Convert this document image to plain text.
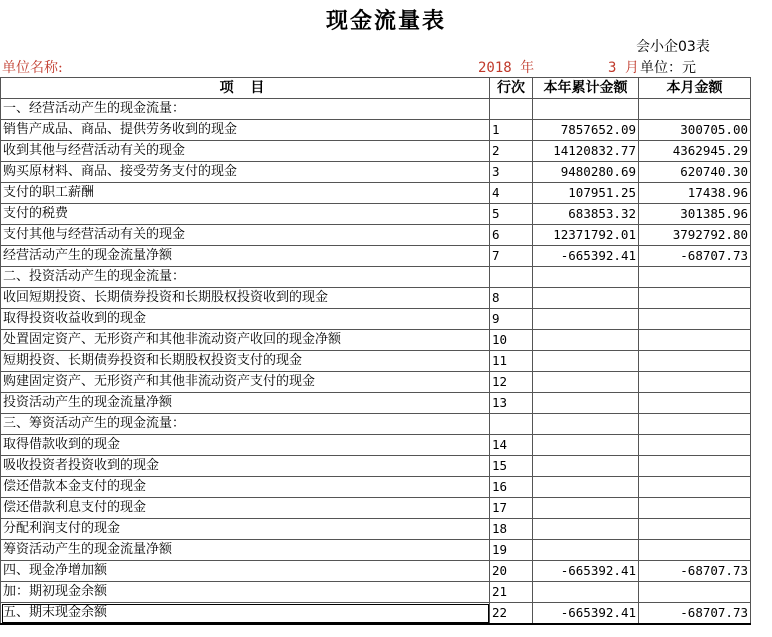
现金流量表
会小企03表
单位名称:	2018 年	3 月 单位：元
项 目	行次	本年累计金额	本月金额
一、经营活动产生的现金流量：			
销售产成品、商品、提供劳务收到的现金	1	7857652.09	300705.00
收到其他与经营活动有关的现金	2	14120832.77	4362945.29
购买原材料、商品、接受劳务支付的现金	3	9480280.69	620740.30
支付的职工薪酬	4	107951.25	17438.96
支付的税费	5	683853.32	301385.96
支付其他与经营活动有关的现金	6	12371792.01	3792792.80
经营活动产生的现金流量净额	7	-665392.41	-68707.73
二、投资活动产生的现金流量：			
收回短期投资、长期债券投资和长期股权投资收到的现金	8		
取得投资收益收到的现金	9		
处置固定资产、无形资产和其他非流动资产收回的现金净额	10		
短期投资、长期债券投资和长期股权投资支付的现金	11		
购建固定资产、无形资产和其他非流动资产支付的现金	12		
投资活动产生的现金流量净额	13		
三、筹资活动产生的现金流量：			
取得借款收到的现金	14		
吸收投资者投资收到的现金	15		
偿还借款本金支付的现金	16		
偿还借款利息支付的现金	17		
分配利润支付的现金	18		
筹资活动产生的现金流量净额	19		
四、现金净增加额	20	-665392.41	-68707.73
加：期初现金余额	21		
五、期末现金余额	22	-665392.41	-68707.73
